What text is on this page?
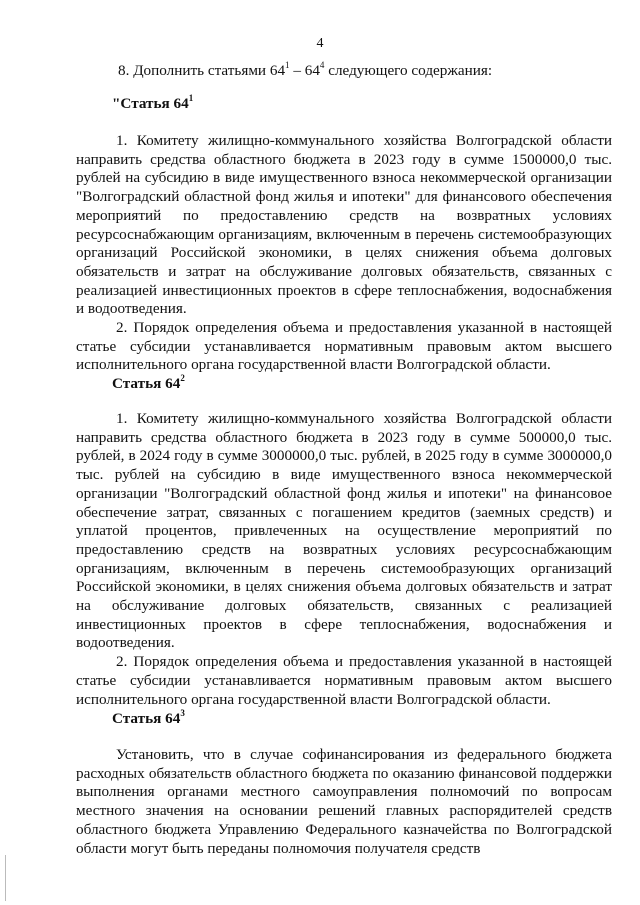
4
8. Дополнить статьями $64^1 - 64^4$ следующего содержания:
"Статья $64^1$

1. Комитету жилищно-коммунального хозяйства Волгоградской области направить средства областного бюджета в 2023 году в сумме 1500000,0 тыс. рублей на субсидию в виде имущественного взноса некоммерческой организации "Волгоградский областной фонд жилья и ипотеки" для финансового обеспечения мероприятий по предоставлению средств на возвратных условиях ресурсоснабжающим организациям, включенным в перечень системообразующих организаций Российской экономики, в целях снижения объема долговых обязательств и затрат на обслуживание долговых обязательств, связанных с реализацией инвестиционных проектов в сфере теплоснабжения, водоснабжения и водоотведения.

2. Порядок определения объема и предоставления указанной в настоящей статье субсидии устанавливается нормативным правовым актом высшего исполнительного органа государственной власти Волгоградской области.

Статья $64^2$

1. Комитету жилищно-коммунального хозяйства Волгоградской области направить средства областного бюджета в 2023 году в сумме 500000,0 тыс. рублей, в 2024 году в сумме 3000000,0 тыс. рублей, в 2025 году в сумме 3000000,0 тыс. рублей на субсидию в виде имущественного взноса некоммерческой организации "Волгоградский областной фонд жилья и ипотеки" на финансовое обеспечение затрат, связанных с погашением кредитов (заемных средств) и уплатой процентов, привлеченных на осуществление мероприятий по предоставлению средств на возвратных условиях ресурсоснабжающим организациям, включенным в перечень системообразующих организаций Российской экономики, в целях снижения объема долговых обязательств и затрат на обслуживание долговых обязательств, связанных с реализацией инвестиционных проектов в сфере теплоснабжения, водоснабжения и водоотведения.

2. Порядок определения объема и предоставления указанной в настоящей статье субсидии устанавливается нормативным правовым актом высшего исполнительного органа государственной власти Волгоградской области.

Статья $64^3$

Установить, что в случае софинансирования из федерального бюджета расходных обязательств областного бюджета по оказанию финансовой поддержки выполнения органами местного самоуправления полномочий по вопросам местного значения на основании решений главных распорядителей средств областного бюджета Управлению Федерального казначейства по Волгоградской области могут быть переданы полномочия получателя средств
